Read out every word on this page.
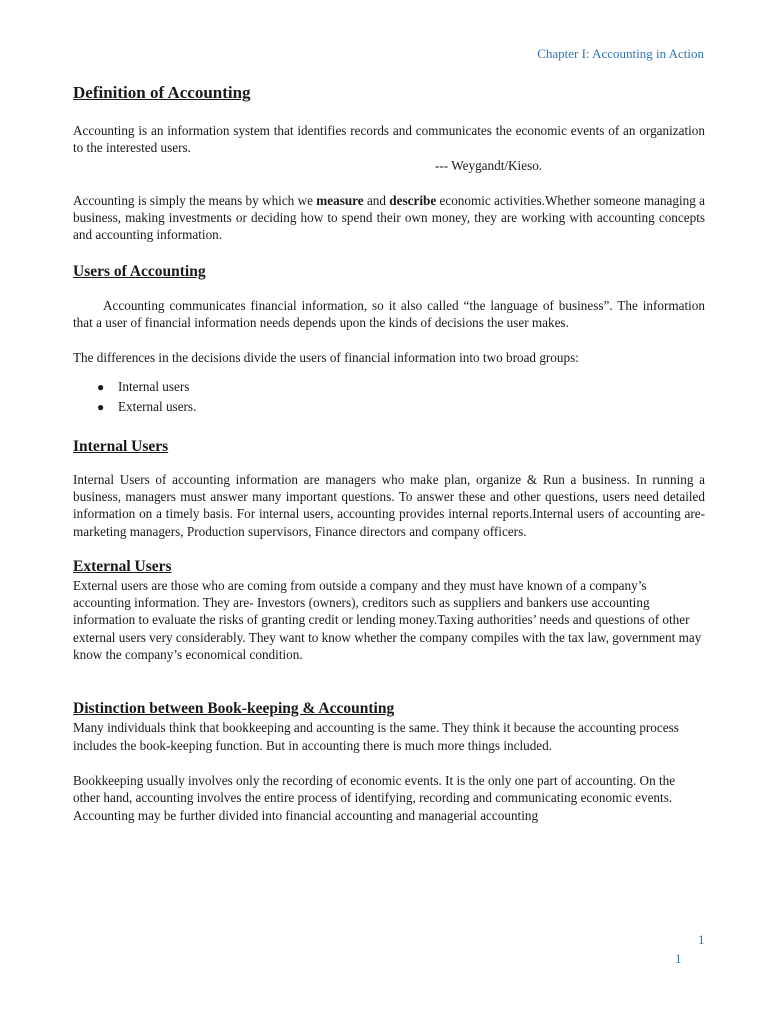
Chapter I: Accounting in Action
Definition of Accounting

Accounting is an information system that identifies records and communicates the economic events of an organization to the interested users.

--- Weygandt/Kieso.

Accounting is simply the means by which we measure and describe economic activities.Whether someone managing a business, making investments or deciding how to spend their own money, they are working with accounting concepts and accounting information.

Users of Accounting

Accounting communicates financial information, so it also called “the language of business”. The information that a user of financial information needs depends upon the kinds of decisions the user makes.

The differences in the decisions divide the users of financial information into two broad groups:

● Internal users
● External users.
Internal Users

Internal Users of accounting information are managers who make plan, organize & Run a business. In running a business, managers must answer many important questions. To answer these and other questions, users need detailed information on a timely basis. For internal users, accounting provides internal reports.Internal users of accounting are- marketing managers, Production supervisors, Finance directors and company officers.

External Users

External users are those who are coming from outside a company and they must have known of a company’s accounting information. They are- Investors (owners), creditors such as suppliers and bankers use accounting information to evaluate the risks of granting credit or lending money.Taxing authorities’ needs and questions of other external users very considerably. They want to know whether the company compiles with the tax law, government may know the company’s economical condition.

Distinction between Book-keeping & Accounting

Many individuals think that bookkeeping and accounting is the same. They think it because the accounting process includes the book-keeping function. But in accounting there is much more things included.

Bookkeeping usually involves only the recording of economic events. It is the only one part of accounting. On the other hand, accounting involves the entire process of identifying, recording and communicating economic events. Accounting may be further divided into financial accounting and managerial accounting

1
1
